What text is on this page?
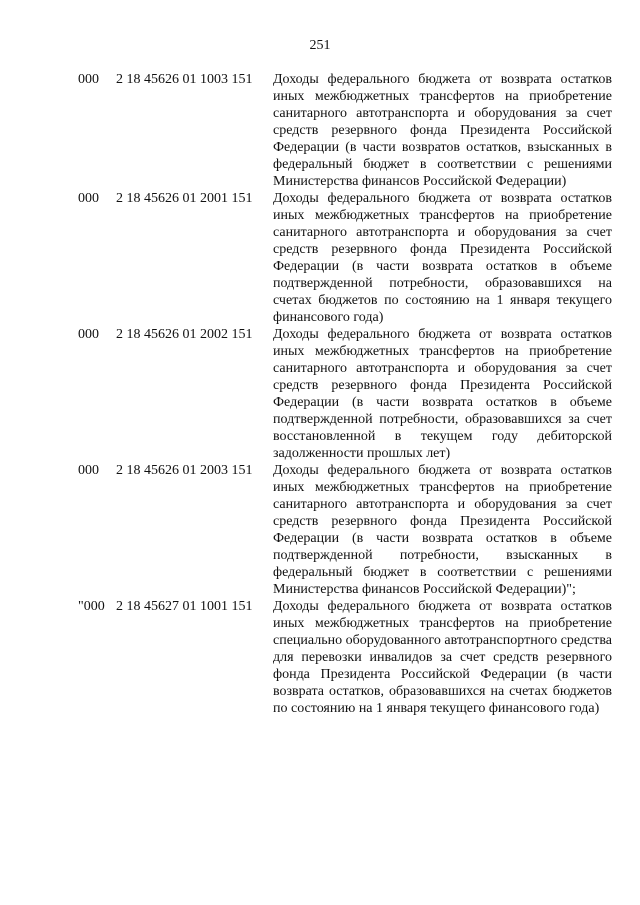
251
000 2 18 45626 01 1003 151 Доходы федерального бюджета от возврата остатков иных межбюджетных трансфертов на приобретение санитарного автотранспорта и оборудования за счет средств резервного фонда Президента Российской Федерации (в части возвратов остатков, взысканных в федеральный бюджет в соответствии с решениями Министерства финансов Российской Федерации)
000 2 18 45626 01 2001 151 Доходы федерального бюджета от возврата остатков иных межбюджетных трансфертов на приобретение санитарного автотранспорта и оборудования за счет средств резервного фонда Президента Российской Федерации (в части возврата остатков в объеме подтвержденной потребности, образовавшихся на счетах бюджетов по состоянию на 1 января текущего финансового года)
000 2 18 45626 01 2002 151 Доходы федерального бюджета от возврата остатков иных межбюджетных трансфертов на приобретение санитарного автотранспорта и оборудования за счет средств резервного фонда Президента Российской Федерации (в части возврата остатков в объеме подтвержденной потребности, образовавшихся за счет восстановленной в текущем году дебиторской задолженности прошлых лет)
000 2 18 45626 01 2003 151 Доходы федерального бюджета от возврата остатков иных межбюджетных трансфертов на приобретение санитарного автотранспорта и оборудования за счет средств резервного фонда Президента Российской Федерации (в части возврата остатков в объеме подтвержденной потребности, взысканных в федеральный бюджет в соответствии с решениями Министерства финансов Российской Федерации)";
"000 2 18 45627 01 1001 151 Доходы федерального бюджета от возврата остатков иных межбюджетных трансфертов на приобретение специально оборудованного автотранспортного средства для перевозки инвалидов за счет средств резервного фонда Президента Российской Федерации (в части возврата остатков, образовавшихся на счетах бюджетов по состоянию на 1 января текущего финансового года)
